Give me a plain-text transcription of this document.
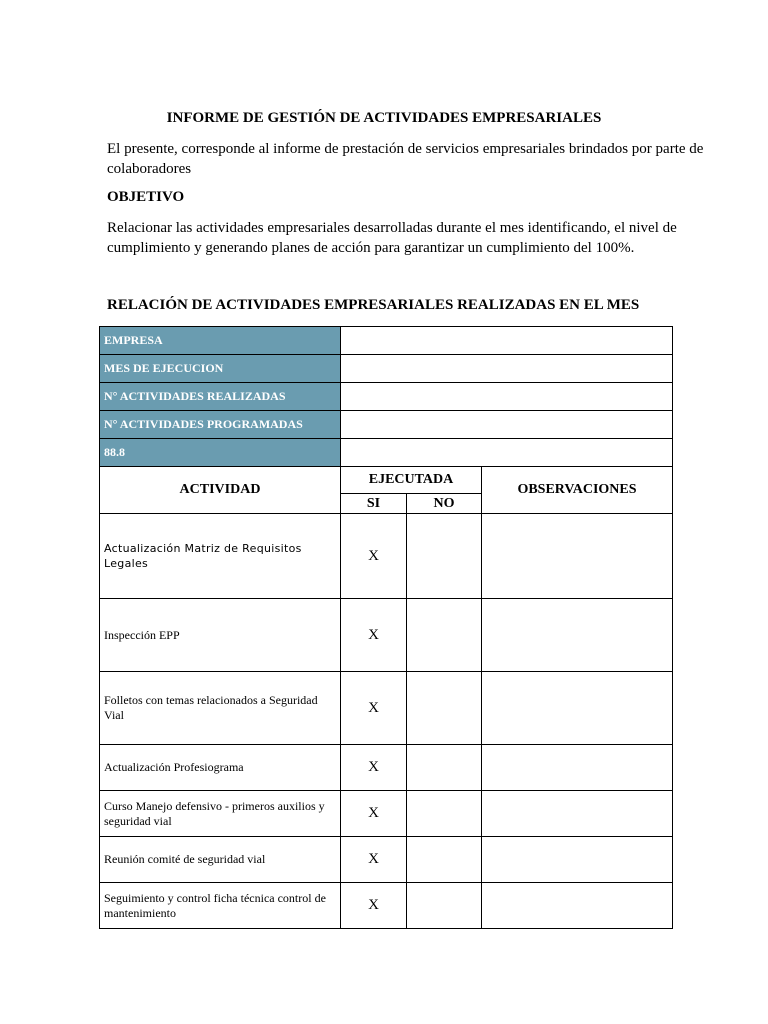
INFORME DE GESTIÓN DE ACTIVIDADES EMPRESARIALES
El presente, corresponde al informe de prestación de servicios empresariales brindados por parte de colaboradores
OBJETIVO
Relacionar las actividades empresariales desarrolladas durante el mes identificando, el nivel de cumplimiento y generando planes de acción para garantizar un cumplimiento del 100%.
RELACIÓN DE ACTIVIDADES EMPRESARIALES REALIZADAS EN EL MES
EMPRESA	
MES DE EJECUCION	
N° ACTIVIDADES REALIZADAS	
N° ACTIVIDADES PROGRAMADAS	
88.8	
ACTIVIDAD	EJECUTADA		OBSERVACIONES
	SI	NO	
Actualización Matriz de Requisitos Legales	X		
Inspección EPP	X		
Folletos con temas relacionados a Seguridad Vial	X		
Actualización Profesiograma	X		
Curso Manejo defensivo - primeros auxilios y seguridad vial	X		
Reunión comité de seguridad vial	X		
Seguimiento y control ficha técnica control de mantenimiento	X		
